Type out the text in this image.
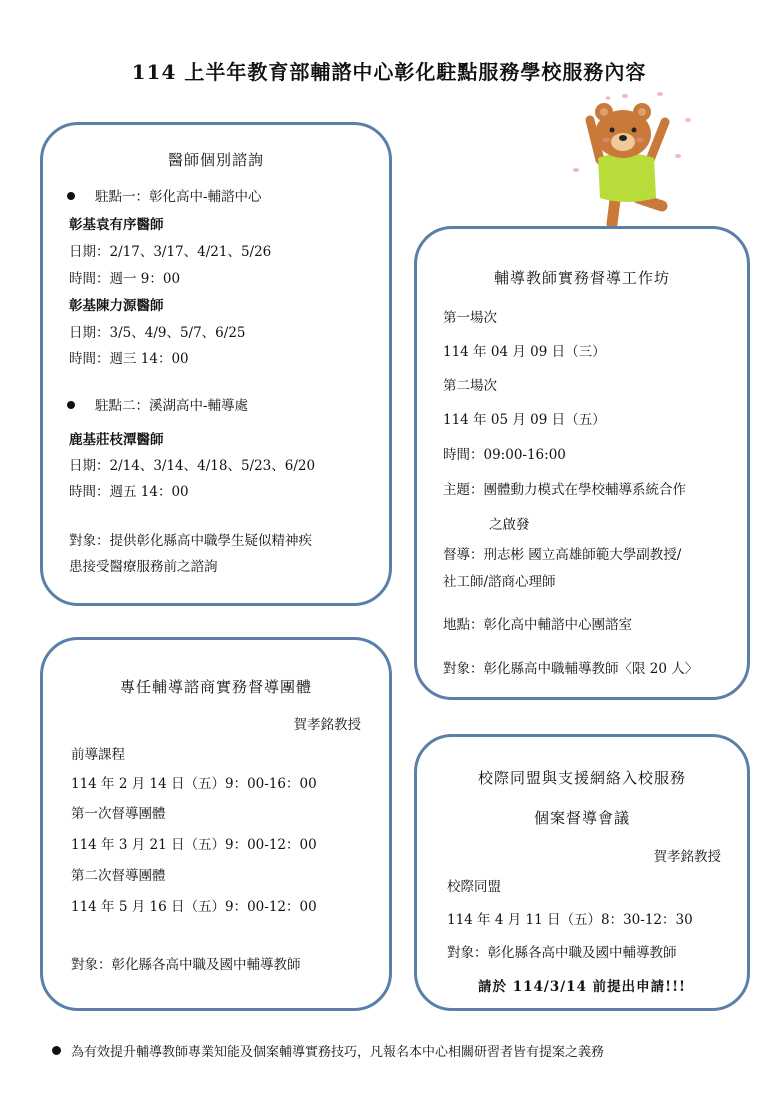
114 上半年教育部輔諮中心彰化駐點服務學校服務內容
醫師個別諮詢
駐點一：彰化高中-輔諮中心
彰基袁有序醫師
日期：2/17、3/17、4/21、5/26
時間：週一 9：00
彰基陳力源醫師
日期：3/5、4/9、5/7、6/25
時間：週三 14：00
駐點二：溪湖高中-輔導處
鹿基莊枝潭醫師
日期：2/14、3/14、4/18、5/23、6/20
時間：週五 14：00
對象：提供彰化縣高中職學生疑似精神疾
患接受醫療服務前之諮詢
輔導教師實務督導工作坊
第一場次
114 年 04 月 09 日（三）
第二場次
114 年 05 月 09 日（五）
時間：09:00-16:00
主題：團體動力模式在學校輔導系統合作
之啟發
督導：刑志彬 國立高雄師範大學副教授/
社工師/諮商心理師
地點：彰化高中輔諮中心團諮室
對象：彰化縣高中職輔導教師〈限 20 人〉
專任輔導諮商實務督導團體
賀孝銘教授
前導課程
114 年 2 月 14 日（五）9：00-16：00
第一次督導團體
114 年 3 月 21 日（五）9：00-12：00
第二次督導團體
114 年 5 月 16 日（五）9：00-12：00
對象：彰化縣各高中職及國中輔導教師
校際同盟與支援網絡入校服務
個案督導會議
賀孝銘教授
校際同盟
114 年 4 月 11 日（五）8：30-12：30
對象：彰化縣各高中職及國中輔導教師
請於 114/3/14 前提出申請!!!
為有效提升輔導教師專業知能及個案輔導實務技巧，凡報名本中心相關研習者皆有提案之義務
